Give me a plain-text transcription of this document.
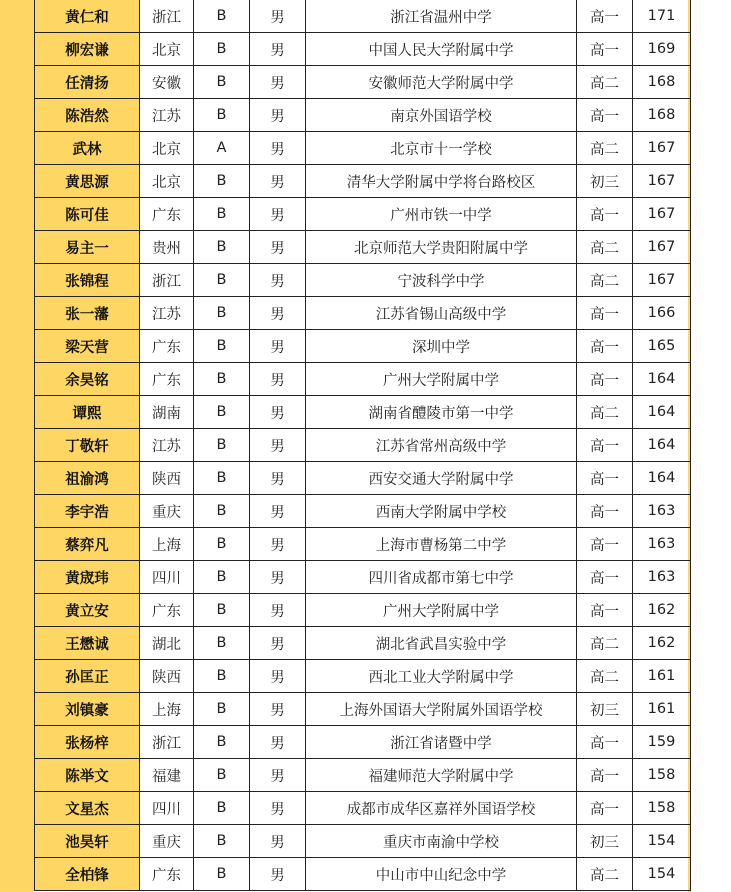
黄仁和	浙江	B	男	浙江省温州中学	高一	171
柳宏谦	北京	B	男	中国人民大学附属中学	高一	169
任清扬	安徽	B	男	安徽师范大学附属中学	高二	168
陈浩然	江苏	B	男	南京外国语学校	高一	168
武林	北京	A	男	北京市十一学校	高二	167
黄思源	北京	B	男	清华大学附属中学将台路校区	初三	167
陈可佳	广东	B	男	广州市铁一中学	高一	167
易主一	贵州	B	男	北京师范大学贵阳附属中学	高二	167
张锦程	浙江	B	男	宁波科学中学	高二	167
张一藩	江苏	B	男	江苏省锡山高级中学	高一	166
梁天营	广东	B	男	深圳中学	高一	165
余昊铭	广东	B	男	广州大学附属中学	高一	164
谭熙	湖南	B	男	湖南省醴陵市第一中学	高二	164
丁敬轩	江苏	B	男	江苏省常州高级中学	高一	164
祖渝鸿	陕西	B	男	西安交通大学附属中学	高一	164
李宇浩	重庆	B	男	西南大学附属中学校	高一	163
蔡弈凡	上海	B	男	上海市曹杨第二中学	高一	163
黄宬玮	四川	B	男	四川省成都市第七中学	高一	163
黄立安	广东	B	男	广州大学附属中学	高一	162
王懋诚	湖北	B	男	湖北省武昌实验中学	高二	162
孙匡正	陕西	B	男	西北工业大学附属中学	高二	161
刘镇豪	上海	B	男	上海外国语大学附属外国语学校	初三	161
张杨梓	浙江	B	男	浙江省诸暨中学	高一	159
陈举文	福建	B	男	福建师范大学附属中学	高一	158
文星杰	四川	B	男	成都市成华区嘉祥外国语学校	高一	158
池昊轩	重庆	B	男	重庆市南渝中学校	初三	154
全柏锋	广东	B	男	中山市中山纪念中学	高二	154
